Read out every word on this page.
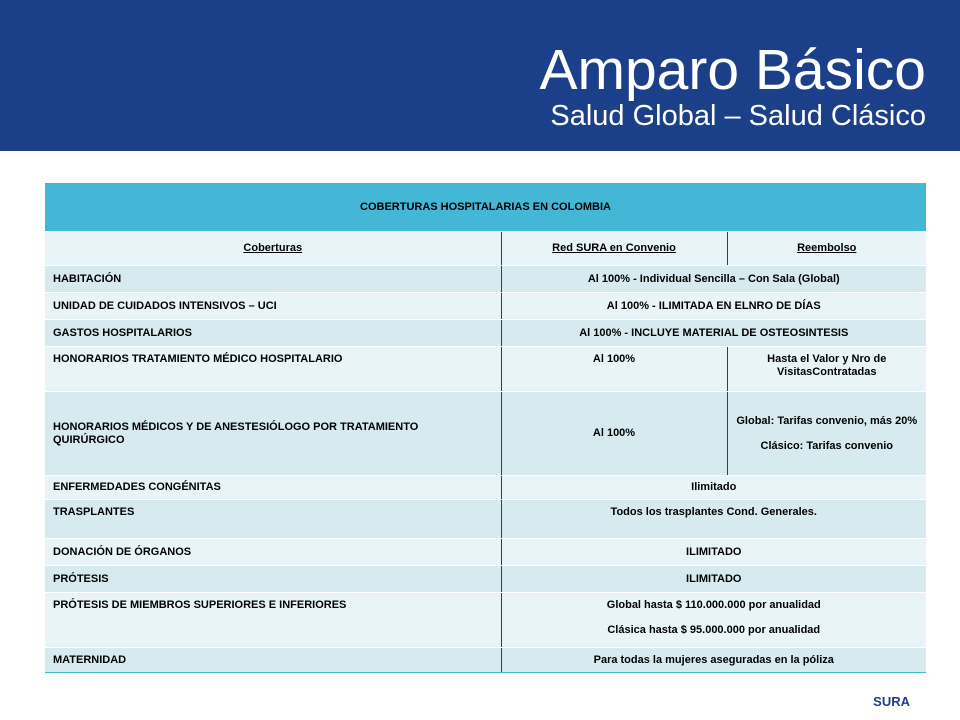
Amparo Básico
Salud Global – Salud Clásico
COBERTURAS HOSPITALARIAS EN COLOMBIA		
Coberturas	Red SURA en Convenio	Reembolso
HABITACIÓN	Al 100% - Individual Sencilla – Con Sala (Global)	
UNIDAD DE CUIDADOS INTENSIVOS – UCI	Al 100% - ILIMITADA EN ELNRO DE DÍAS	
GASTOS HOSPITALARIOS	Al 100% - INCLUYE MATERIAL DE OSTEOSINTESIS	
HONORARIOS TRATAMIENTO MÉDICO HOSPITALARIO	Al 100%	Hasta el Valor y Nro de VisitasContratadas
HONORARIOS MÉDICOS Y DE ANESTESIÓLOGO POR TRATAMIENTO QUIRÚRGICO	Al 100%	Global: Tarifas convenio, más 20%
Clásico: Tarifas convenio

ENFERMEDADES CONGÉNITAS	Ilimitado	
TRASPLANTES	Todos los trasplantes Cond. Generales.	
DONACIÓN DE ÓRGANOS	ILIMITADO	
PRÓTESIS	ILIMITADO	
PRÓTESIS DE MIEMBROS SUPERIORES E INFERIORES	Global hasta $ 110.000.000 por anualidad
Clásica hasta $ 95.000.000 por anualidad	

MATERNIDAD	Para todas la mujeres aseguradas en la póliza	
SURA
